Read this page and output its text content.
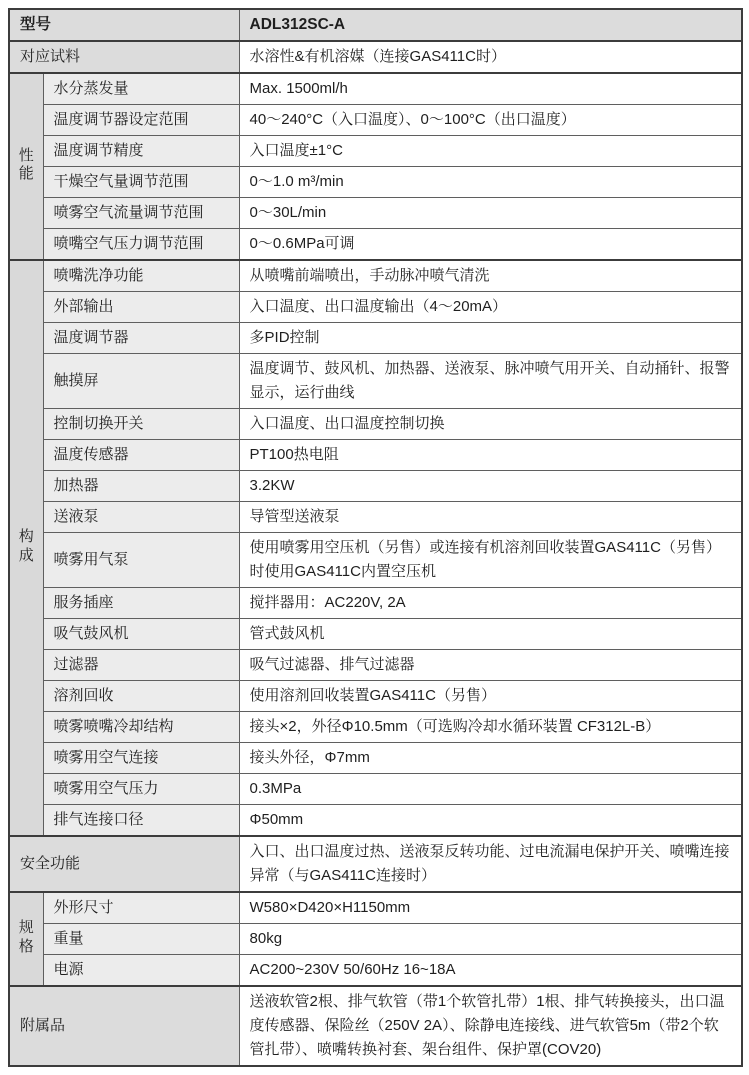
型号		ADL312SC-A
对应试料		水溶性&有机溶媒（连接GAS411C时）
性能	水分蒸发量	Max. 1500ml/h
	温度调节器设定范围	40～240°C（入口温度）、0～100°C（出口温度）
	温度调节精度	入口温度±1°C
	干燥空气量调节范围	0～1.0 m³/min
	喷雾空气流量调节范围	0～30L/min
	喷嘴空气压力调节范围	0～0.6MPa可调
构成	喷嘴洗净功能	从喷嘴前端喷出，手动脉冲喷气清洗
	外部输出	入口温度、出口温度输出（4～20mA）
	温度调节器	多PID控制
	触摸屏	温度调节、鼓风机、加热器、送液泵、脉冲喷气用开关、自动捅针、报警显示，运行曲线
	控制切换开关	入口温度、出口温度控制切换
	温度传感器	PT100热电阻
	加热器	3.2KW
	送液泵	导管型送液泵
	喷雾用气泵	使用喷雾用空压机（另售）或连接有机溶剂回收装置GAS411C（另售）时使用GAS411C内置空压机
	服务插座	搅拌器用：AC220V, 2A
	吸气鼓风机	管式鼓风机
	过滤器	吸气过滤器、排气过滤器
	溶剂回收	使用溶剂回收装置GAS411C（另售）
	喷雾喷嘴冷却结构	接头×2，外径Φ10.5mm（可选购冷却水循环装置 CF312L-B）
	喷雾用空气连接	接头外径，Φ7mm
	喷雾用空气压力	0.3MPa
	排气连接口径	Φ50mm
安全功能		入口、出口温度过热、送液泵反转功能、过电流漏电保护开关、喷嘴连接异常（与GAS411C连接时）
规格	外形尺寸	W580×D420×H1150mm
	重量	80kg
	电源	AC200~230V 50/60Hz 16~18A
附属品		送液软管2根、排气软管（带1个软管扎带）1根、排气转换接头，出口温度传感器、保险丝（250V 2A）、除静电连接线、进气软管5m（带2个软管扎带）、喷嘴转换衬套、架台组件、保护罩(COV20)
